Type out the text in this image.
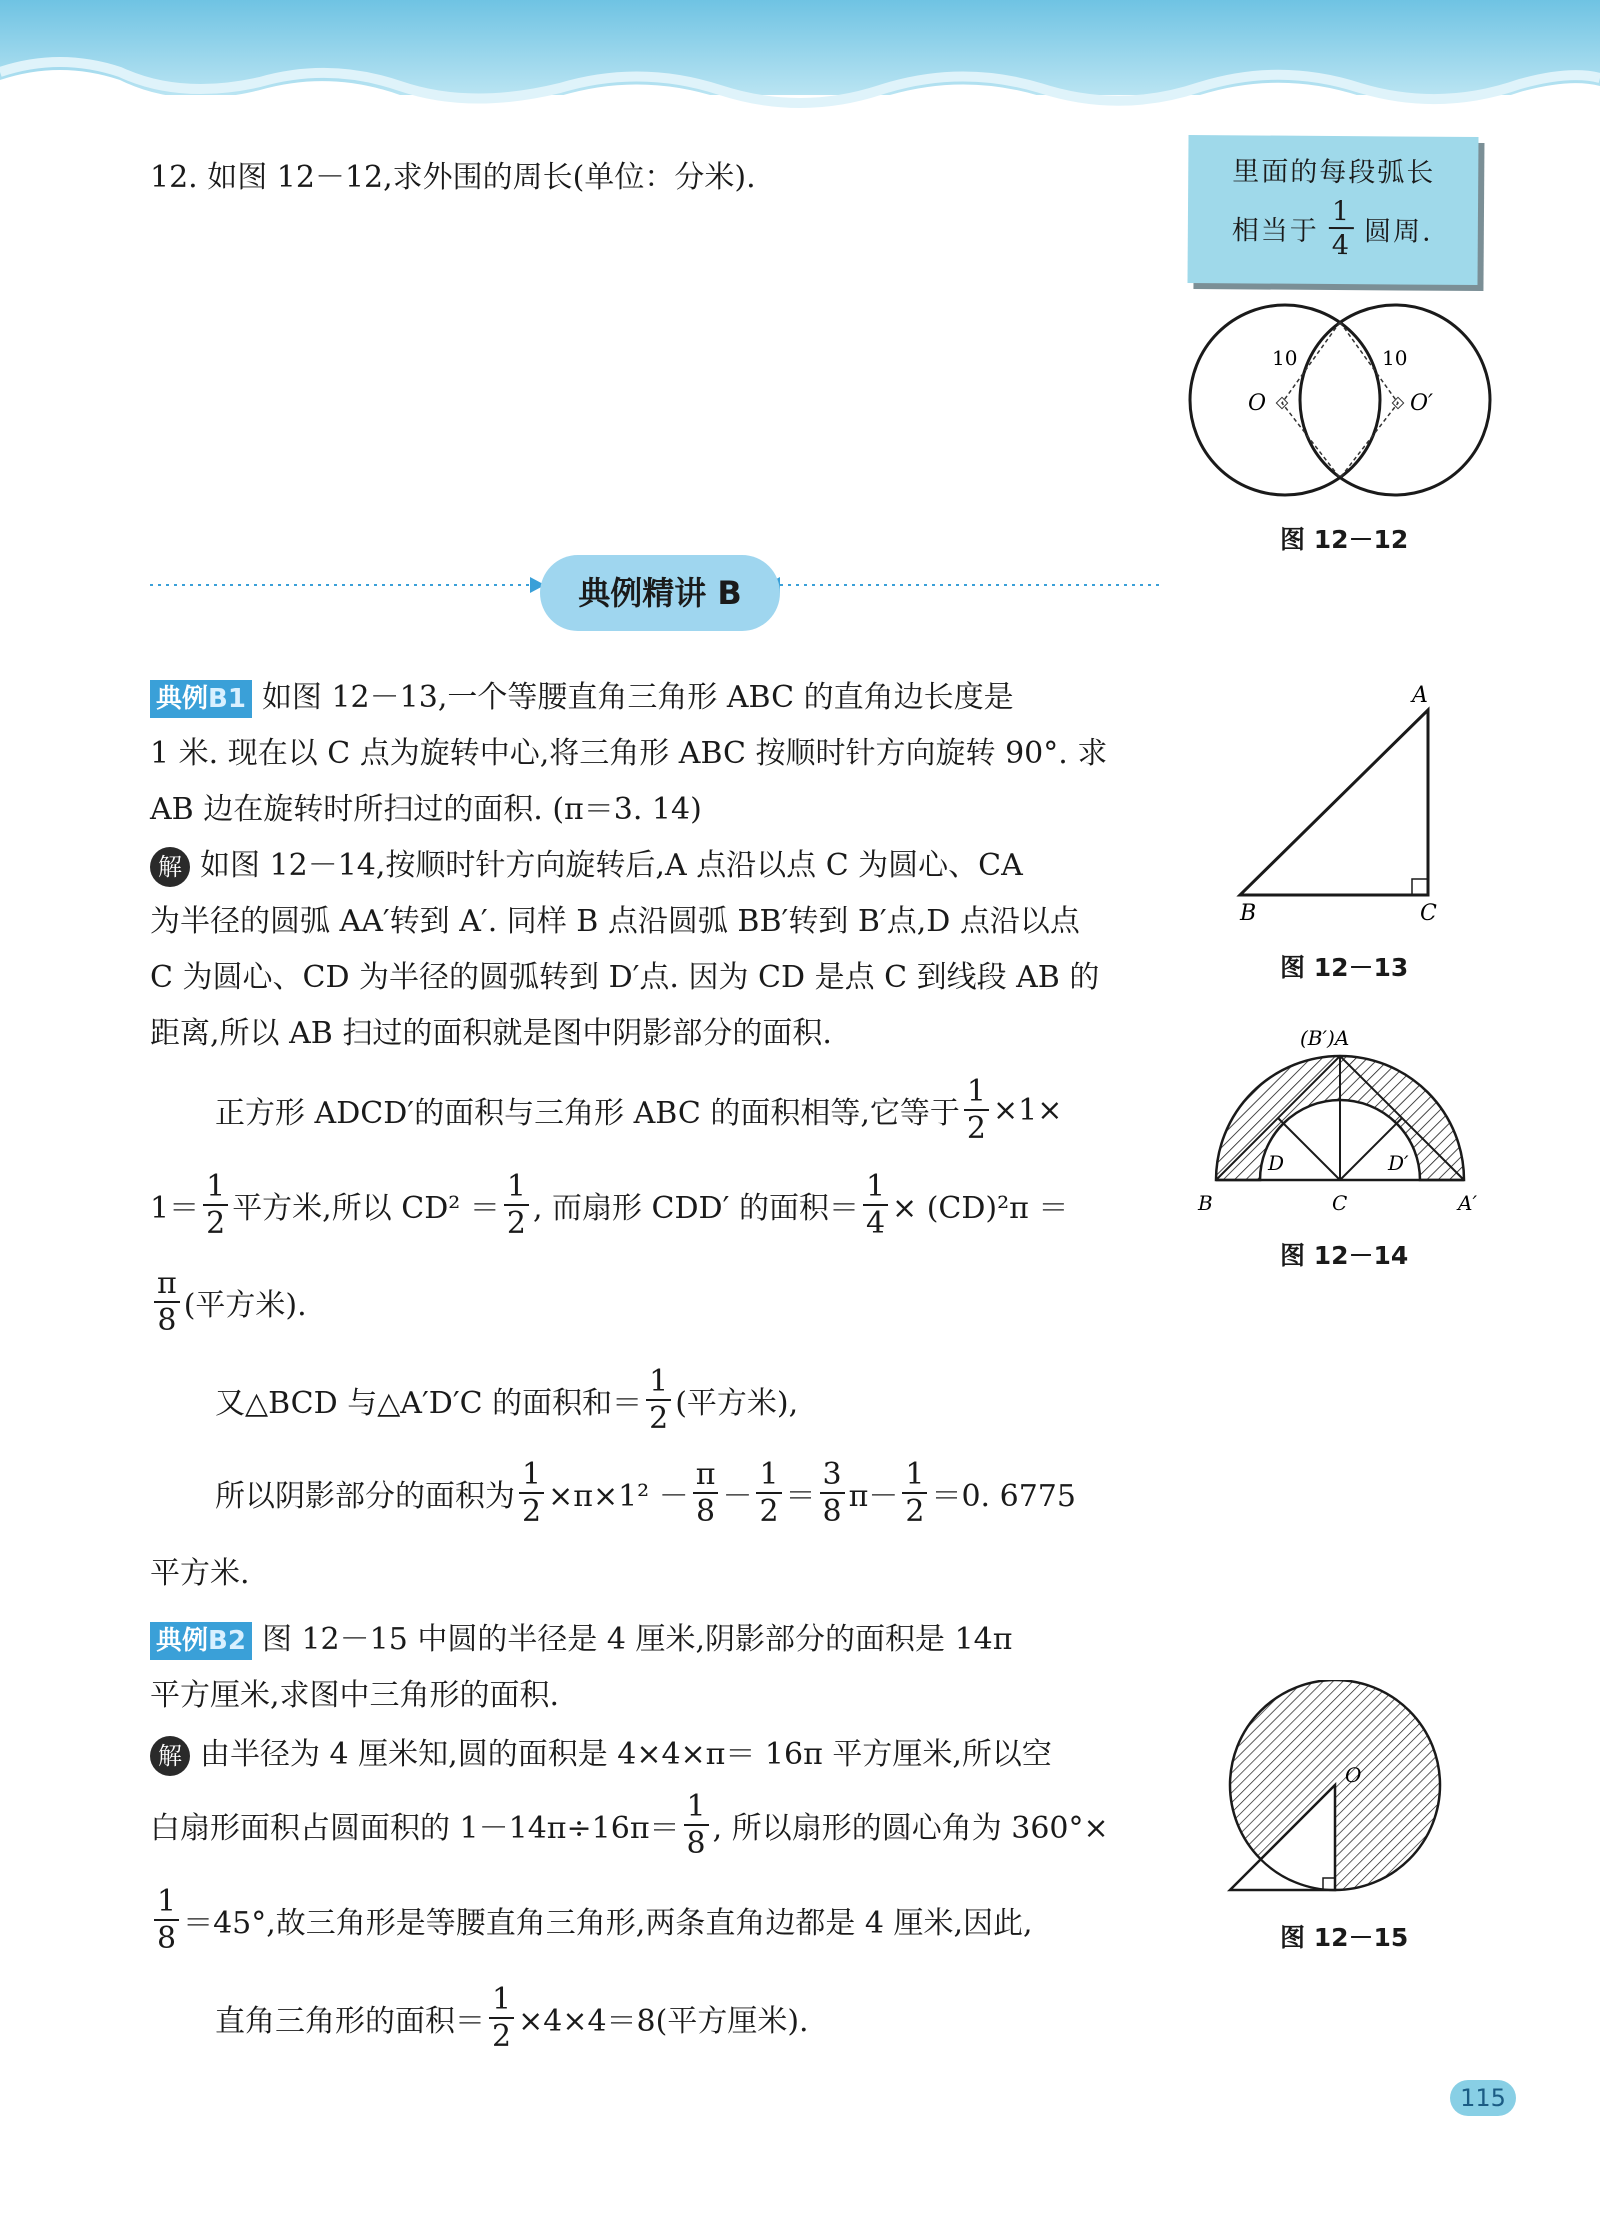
12. 如图 12－12,求外围的周长(单位：分米).	里面的每段弧长
相当于 $\frac{1}{4}$ 圆周.
10	10
O	O′
图 12－12
典例精讲 B
典例B1 如图 12－13,一个等腰直角三角形 ABC 的直角边长度是
1 米. 现在以 C 点为旋转中心,将三角形 ABC 按顺时针方向旋转 90°. 求
AB 边在旋转时所扫过的面积. (π＝3. 14)
A
B	C
图 12－13
解 如图 12－14,按顺时针方向旋转后,A 点沿以点 C 为圆心、CA
为半径的圆弧 AA′转到 A′. 同样 B 点沿圆弧 BB′转到 B′点,D 点沿以点
C 为圆心、CD 为半径的圆弧转到 D′点. 因为 CD 是点 C 到线段 AB 的
距离,所以 AB 扫过的面积就是图中阴影部分的面积.
正方形 ADCD′的面积与三角形 ABC 的面积相等,它等于 $\frac{1}{2} \times 1\times$
$1= \frac{1}{2}$ 平方米,所以 $CD^2 = \frac{1}{2}$ , 而扇形 CDD′ 的面积＝ $\frac{1}{4} \times (CD)^2\pi$ ＝
$\frac{\pi}{8}$ (平方米).
又△BCD 与△A′D′C 的面积和＝ $\frac{1}{2}$ (平方米),
所以阴影部分的面积为 $\frac{1}{2} \times\pi\times 1^2 - \frac{\pi}{8} - \frac{1}{2} = \frac{3}{8} \pi- \frac{1}{2} =0$. 6775
平方米.
(B′)A
B	C	A′
D	D′
图 12－14
典例B2 图 12－15 中圆的半径是 4 厘米,阴影部分的面积是 14π
平方厘米,求图中三角形的面积.
解 由半径为 4 厘米知,圆的面积是 4×4×π＝ 16π 平方厘米,所以空
白扇形面积占圆面积的 $1-14\pi\div 16\pi= \frac{1}{8}$ , 所以扇形的圆心角为 360°×
$\frac{1}{8} =45^\circ$,故三角形是等腰直角三角形,两条直角边都是 4 厘米,因此,
直角三角形的面积＝ $\frac{1}{2} \times 4\times 4=8$(平方厘米).
O
图 12－15
115
